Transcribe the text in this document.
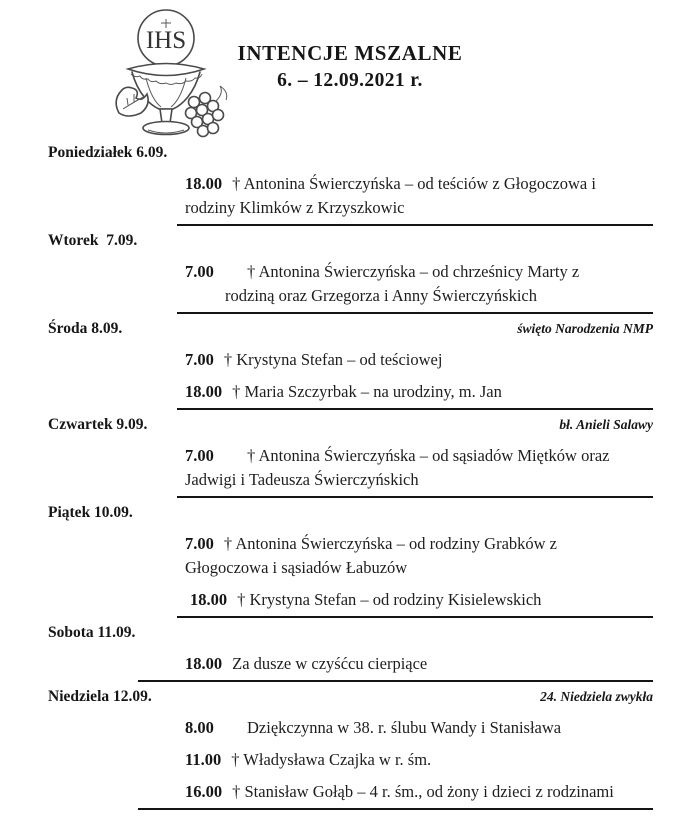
IHS	INTENCJE MSZALNE
6. – 12.09.2021 r.
Poniedziałek 6.09.
18.00 † Antonina Świerczyńska – od teściów z Głogoczowa i
rodziny Klimków z Krzyszkowic
Wtorek  7.09.
7.00 † Antonina Świerczyńska – od chrześnicy Marty z
rodziną oraz Grzegorza i Anny Świerczyńskich
Środa 8.09.	święto Narodzenia NMP
7.00 † Krystyna Stefan – od teściowej
18.00 † Maria Szczyrbak – na urodziny, m. Jan
Czwartek 9.09.	bł. Anieli Salawy
7.00 † Antonina Świerczyńska – od sąsiadów Miętków oraz
Jadwigi i Tadeusza Świerczyńskich
Piątek 10.09.
7.00 † Antonina Świerczyńska – od rodziny Grabków z
Głogoczowa i sąsiadów Łabuzów
18.00 † Krystyna Stefan – od rodziny Kisielewskich
Sobota 11.09.
18.00 Za dusze w czyśćcu cierpiące
Niedziela 12.09.	24. Niedziela zwykła
8.00 Dziękczynna w 38. r. ślubu Wandy i Stanisława
11.00 † Władysława Czajka w r. śm.
16.00 † Stanisław Gołąb – 4 r. śm., od żony i dzieci z rodzinami
